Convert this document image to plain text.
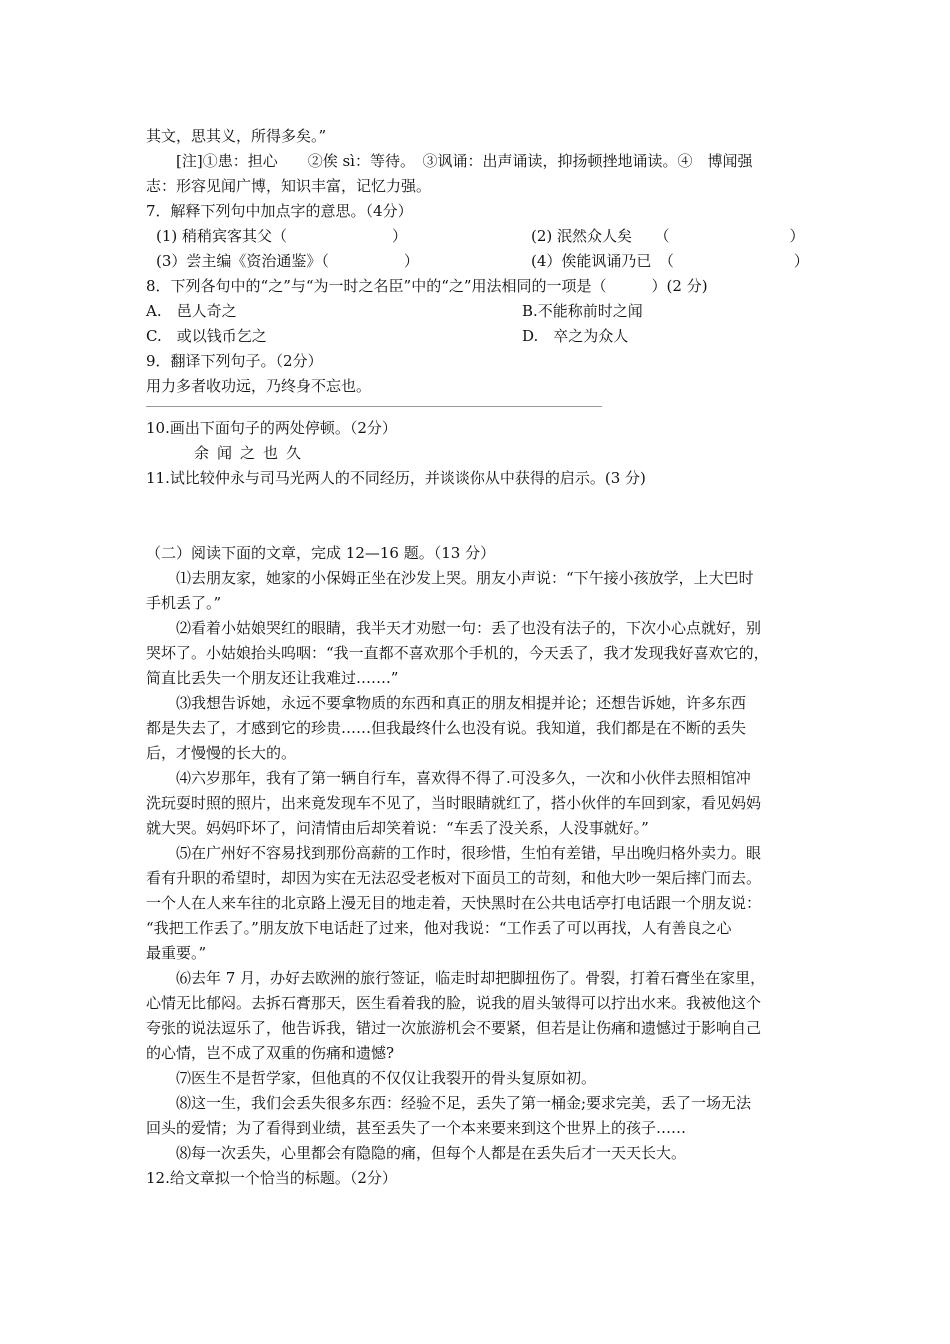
其文，思其义，所得多矣。”

[注]①患：担心　　②俟 sì：等待。　③讽诵：出声诵读，抑扬顿挫地诵读。④　博闻强

志：形容见闻广博，知识丰富，记忆力强。

7．解释下列句中加点字的意思。（4分）

(1) 稍稍宾客其父（　　　　　　　）	(2) 泯然众人矣　　（　　　　　　　　）
(3）尝主编《资治通鉴》（　　　　　）	(4）俟能讽诵乃已　（　　　　　　　　）

8．下列各句中的“之”与“为一时之名臣”中的“之”用法相同的一项是（　　　）(2 分)

A.　邑人奇之	B.不能称前时之闻
C.　或以钱币乞之	D.　卒之为众人

9．翻译下列句子。（2分）

用力多者收功远，乃终身不忘也。

10.画出下面句子的两处停顿。（2分）

余闻之也久

11.试比较仲永与司马光两人的不同经历，并谈谈你从中获得的启示。(3 分)

（二）阅读下面的文章，完成 12—16 题。（13 分）

⑴去朋友家，她家的小保姆正坐在沙发上哭。朋友小声说：“下午接小孩放学，上大巴时

手机丢了。”

⑵看着小姑娘哭红的眼睛，我半天才劝慰一句：丢了也没有法子的，下次小心点就好，别

哭坏了。小姑娘抬头呜咽：“我一直都不喜欢那个手机的，今天丢了，我才发现我好喜欢它的，

简直比丢失一个朋友还让我难过…….”

⑶我想告诉她，永远不要拿物质的东西和真正的朋友相提并论；还想告诉她，许多东西

都是失去了，才感到它的珍贵……但我最终什么也没有说。我知道，我们都是在不断的丢失

后，才慢慢的长大的。

⑷六岁那年，我有了第一辆自行车，喜欢得不得了.可没多久，一次和小伙伴去照相馆冲

洗玩耍时照的照片，出来竟发现车不见了，当时眼睛就红了，搭小伙伴的车回到家，看见妈妈

就大哭。妈妈吓坏了，问清情由后却笑着说：“车丢了没关系，人没事就好。”

⑸在广州好不容易找到那份高薪的工作时，很珍惜，生怕有差错，早出晚归格外卖力。眼

看有升职的希望时，却因为实在无法忍受老板对下面员工的苛刻，和他大吵一架后摔门而去。

一个人在人来车往的北京路上漫无目的地走着，天快黑时在公共电话亭打电话跟一个朋友说：

“我把工作丢了。”朋友放下电话赶了过来，他对我说：“工作丢了可以再找，人有善良之心

最重要。”

⑹去年 7 月，办好去欧洲的旅行签证，临走时却把脚扭伤了。骨裂，打着石膏坐在家里，

心情无比郁闷。去拆石膏那天，医生看着我的脸，说我的眉头皱得可以拧出水来。我被他这个

夸张的说法逗乐了，他告诉我，错过一次旅游机会不要紧，但若是让伤痛和遗憾过于影响自己

的心情，岂不成了双重的伤痛和遗憾?

⑺医生不是哲学家，但他真的不仅仅让我裂开的骨头复原如初。

⑻这一生，我们会丢失很多东西：经验不足，丢失了第一桶金;要求完美，丢了一场无法

回头的爱情；为了看得到业绩，甚至丢失了一个本来要来到这个世界上的孩子……

⑻每一次丢失，心里都会有隐隐的痛，但每个人都是在丢失后才一天天长大。

12.给文章拟一个恰当的标题。（2分）
